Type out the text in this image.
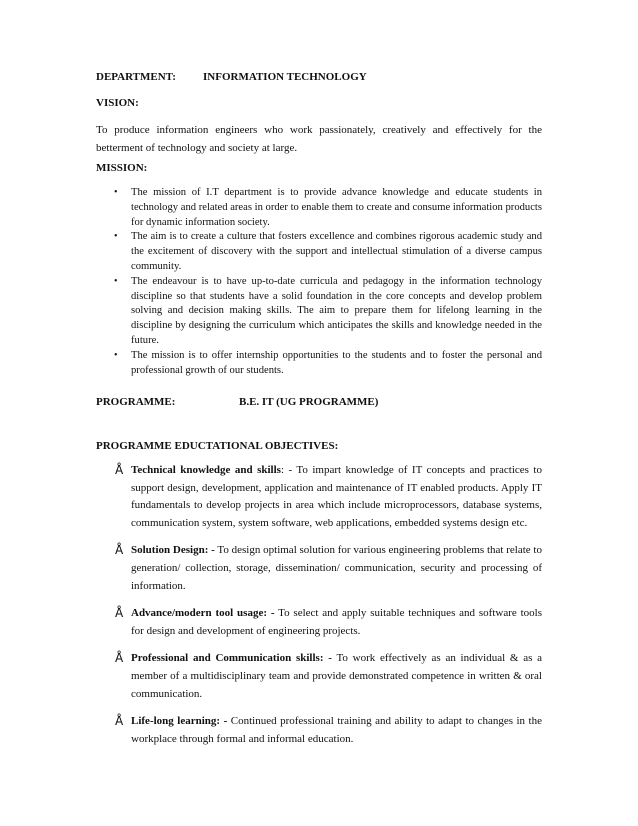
DEPARTMENT: INFORMATION TECHNOLOGY
VISION:
To produce information engineers who work passionately, creatively and effectively for the betterment of technology and society at large.
MISSION:
• The mission of I.T department is to provide advance knowledge and educate students in technology and related areas in order to enable them to create and consume information products for dynamic information society.
• The aim is to create a culture that fosters excellence and combines rigorous academic study and the excitement of discovery with the support and intellectual stimulation of a diverse campus community.
• The endeavour is to have up-to-date curricula and pedagogy in the information technology discipline so that students have a solid foundation in the core concepts and develop problem solving and decision making skills. The aim to prepare them for lifelong learning in the discipline by designing the curriculum which anticipates the skills and knowledge needed in the future.
• The mission is to offer internship opportunities to the students and to foster the personal and professional growth of our students.
PROGRAMME:	B.E. IT (UG PROGRAMME)
PROGRAMME EDUCTATIONAL OBJECTIVES:
Å Technical knowledge and skills: - To impart knowledge of IT concepts and practices to support design, development, application and maintenance of IT enabled products. Apply IT fundamentals to develop projects in area which include microprocessors, database systems, communication system, system software, web applications, embedded systems design etc.
Å Solution Design: - To design optimal solution for various engineering problems that relate to generation/ collection, storage, dissemination/ communication, security and processing of information.
Å Advance/modern tool usage: - To select and apply suitable techniques and software tools for design and development of engineering projects.
Å Professional and Communication skills: - To work effectively as an individual & as a member of a multidisciplinary team and provide demonstrated competence in written & oral communication.
Å Life-long learning: - Continued professional training and ability to adapt to changes in the workplace through formal and informal education.
